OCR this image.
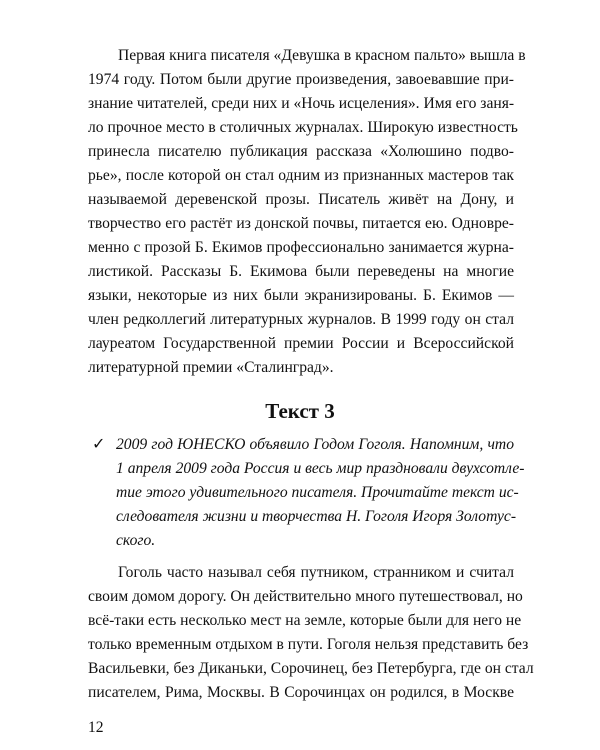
Первая книга писателя «Девушка в красном пальто» вышла в
1974 году. Потом были другие произведения, завоевавшие при-
знание читателей, среди них и «Ночь исцеления». Имя его заня-
ло прочное место в столичных журналах. Широкую известность
принесла писателю публикация рассказа «Холюшино подво-
рье», после которой он стал одним из признанных мастеров так
называемой деревенской прозы. Писатель живёт на Дону, и
творчество его растёт из донской почвы, питается ею. Одновре-
менно с прозой Б. Екимов профессионально занимается журна-
листикой. Рассказы Б. Екимова были переведены на многие
языки, некоторые из них были экранизированы. Б. Екимов —
член редколлегий литературных журналов. В 1999 году он стал
лауреатом Государственной премии России и Всероссийской
литературной премии «Сталинград».
Текст 3
✓ 2009 год ЮНЕСКО объявило Годом Гоголя. Напомним, что
1 апреля 2009 года Россия и весь мир праздновали двухсотле-
тие этого удивительного писателя. Прочитайте текст ис-
следователя жизни и творчества Н. Гоголя Игоря Золотус-
ского.
Гоголь часто называл себя путником, странником и считал
своим домом дорогу. Он действительно много путешествовал, но
всё-таки есть несколько мест на земле, которые были для него не
только временным отдыхом в пути. Гоголя нельзя представить без
Васильевки, без Диканьки, Сорочинец, без Петербурга, где он стал
писателем, Рима, Москвы. В Сорочинцах он родился, в Москве
12
